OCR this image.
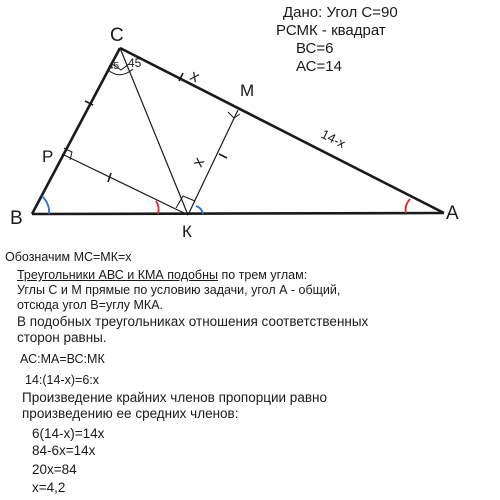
C
B	A
К
M
P
45 45
x
x
14-x
Дано: Угол С=90
РСМК - квадрат
ВС=6
АС=14
Обозначим МС=МК=х
Треугольники АВС и КМА подобны по трем углам:
Углы С и М прямые по условию задачи, угол А - общий,
отсюда угол В=углу МКА.
В подобных треугольниках отношения соответственных
сторон равны.
АС:МА=ВС:МК
14:(14-х)=6:х
Произведение крайних членов пропорции равно
произведению ее средних членов:
6(14-х)=14х
84-6х=14х
20х=84
х=4,2
